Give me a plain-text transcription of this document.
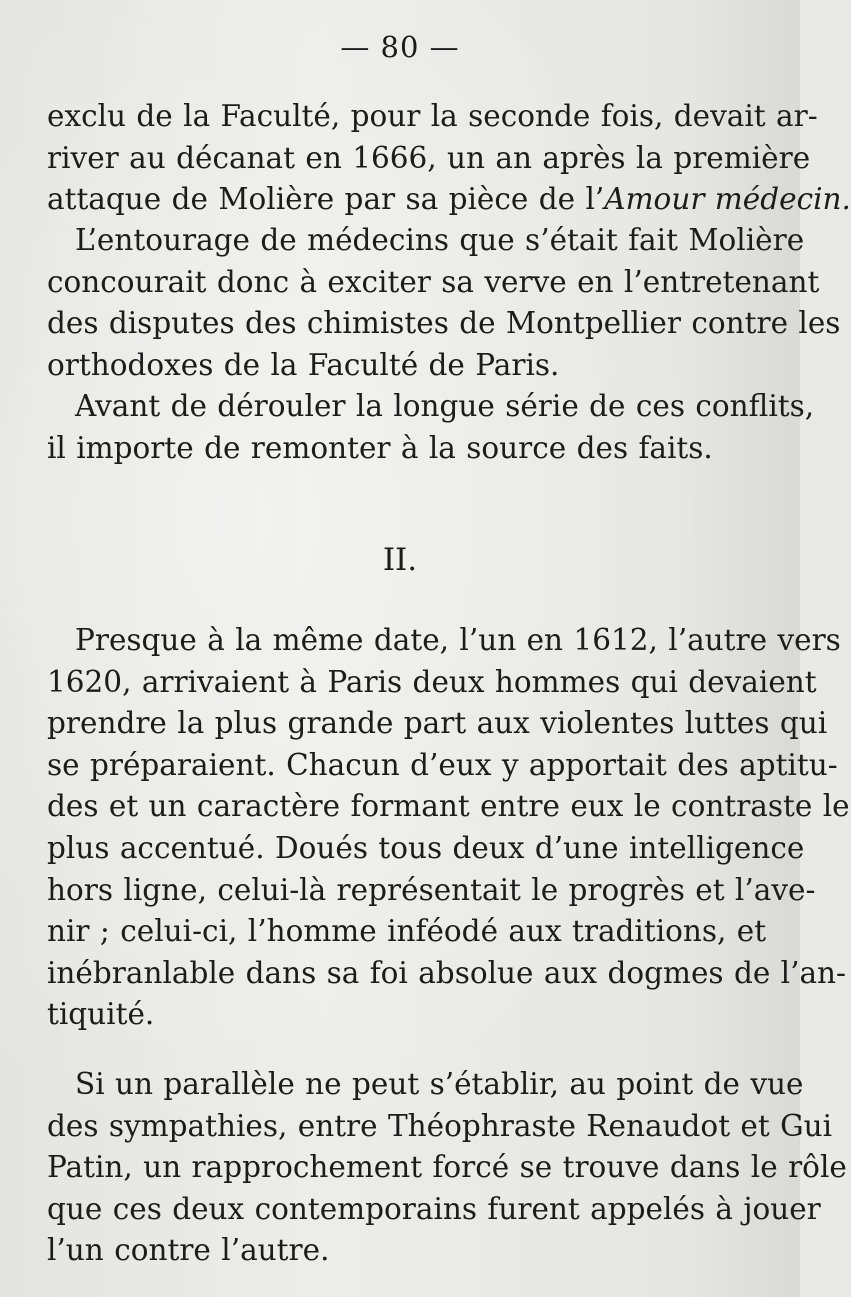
— 80 —
exclu de la Faculté, pour la seconde fois, devait ar-
river au décanat en 1666, un an après la première
attaque de Molière par sa pièce de l’Amour médecin.
L’entourage de médecins que s’était fait Molière
concourait donc à exciter sa verve en l’entretenant
des disputes des chimistes de Montpellier contre les
orthodoxes de la Faculté de Paris.
Avant de dérouler la longue série de ces conflits,
il importe de remonter à la source des faits.
II.
Presque à la même date, l’un en 1612, l’autre vers
1620, arrivaient à Paris deux hommes qui devaient
prendre la plus grande part aux violentes luttes qui
se préparaient. Chacun d’eux y apportait des aptitu-
des et un caractère formant entre eux le contraste le
plus accentué. Doués tous deux d’une intelligence
hors ligne, celui-là représentait le progrès et l’ave-
nir ; celui-ci, l’homme inféodé aux traditions, et
inébranlable dans sa foi absolue aux dogmes de l’an-
tiquité.
Si un parallèle ne peut s’établir, au point de vue
des sympathies, entre Théophraste Renaudot et Gui
Patin, un rapprochement forcé se trouve dans le rôle
que ces deux contemporains furent appelés à jouer
l’un contre l’autre.
